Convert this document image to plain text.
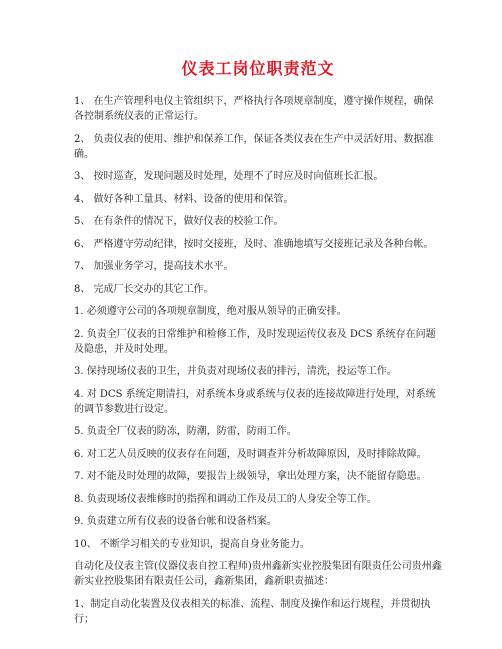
仪表工岗位职责范文

1、 在生产管理科电仪主管组织下，严格执行各项规章制度，遵守操作规程，确保各控制系统仪表的正常运行。

2、 负责仪表的使用、维护和保养工作，保证各类仪表在生产中灵活好用、数据准确。

3、 按时巡查，发现问题及时处理，处理不了时应及时向值班长汇报。

4、 做好各种工量具、材料、设备的使用和保管。

5、 在有条件的情况下，做好仪表的校验工作。

6、 严格遵守劳动纪律，按时交接班，及时、准确地填写交接班记录及各种台帐。

7、 加强业务学习，提高技术水平。

8、 完成厂长交办的其它工作。

1. 必须遵守公司的各项规章制度，绝对服从领导的正确安排。

2. 负责全厂仪表的日常维护和检修工作，及时发现运传仪表及 DCS 系统存在问题及隐患，并及时处理。

3. 保持现场仪表的卫生，并负责对现场仪表的排污，清洗，投运等工作。

4. 对 DCS 系统定期清扫，对系统本身或系统与仪表的连接故障进行处理，对系统的调节参数进行设定。

5. 负责全厂仪表的防冻，防潮，防雷，防雨工作。

6. 对工艺人员反映的仪表存在问题，及时调查并分析故障原因，及时排除故障。

7. 对不能及时处理的故障，要报告上级领导，拿出处理方案，决不能留存隐患。

8. 负责现场仪表维修时的指挥和调动工作及员工的人身安全等工作。

9. 负责建立所有仪表的设备台帐和设备档案。

10、 不断学习相关的专业知识，提高自身业务能力。

自动化及仪表主管(仪器仪表自控工程师)贵州鑫新实业控股集团有限责任公司贵州鑫新实业控股集团有限责任公司，鑫新集团，鑫新职责描述：

1、制定自动化装置及仪表相关的标准、流程、制度及操作和运行规程，并贯彻执行；
